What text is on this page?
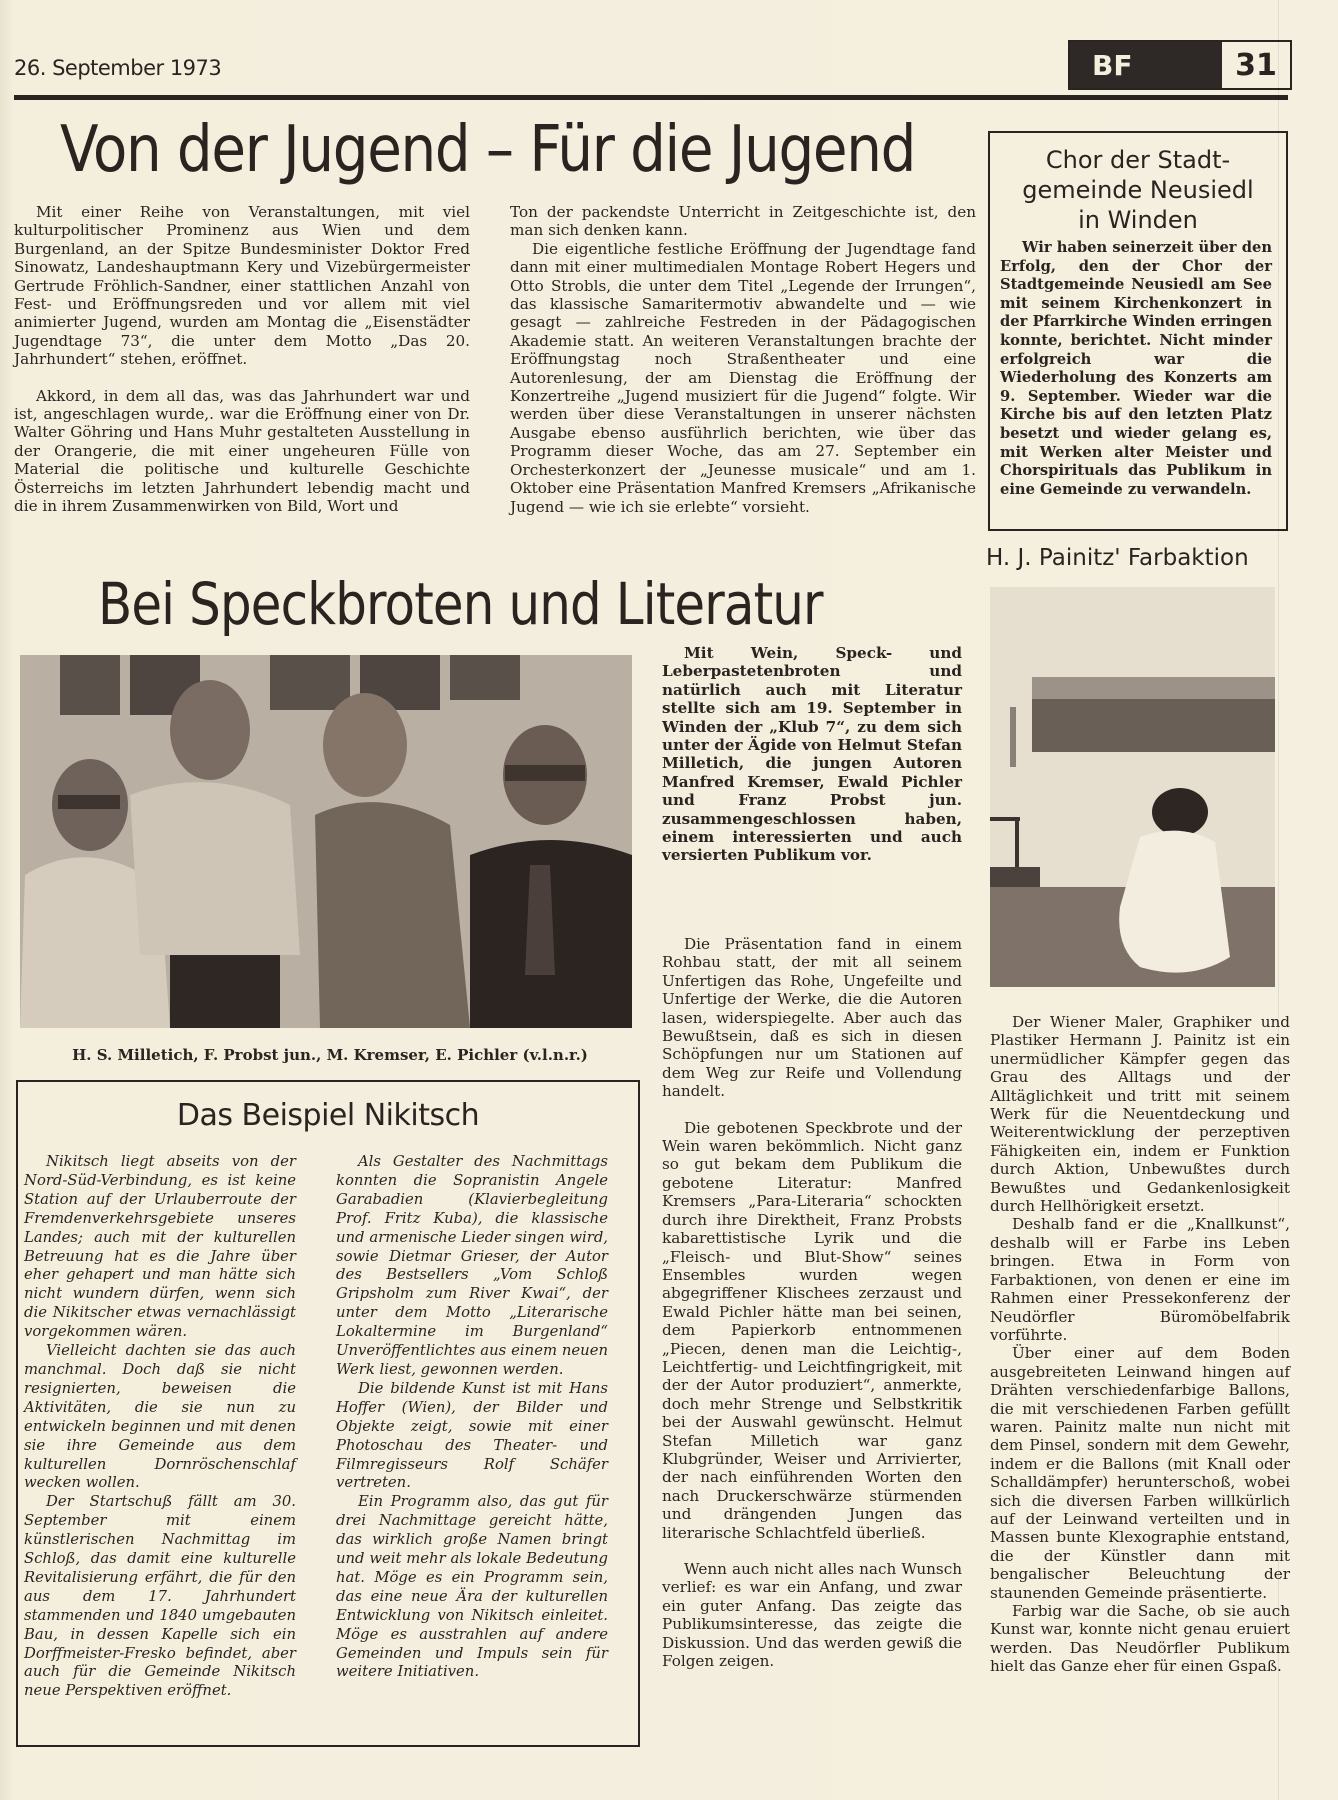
26. September 1973	BF	31
Von der Jugend – Für die Jugend

Mit einer Reihe von Veranstaltungen, mit viel kulturpolitischer Prominenz aus Wien und dem Burgenland, an der Spitze Bundesminister Doktor Fred Sinowatz, Landeshauptmann Kery und Vizebürgermeister Gertrude Fröhlich-Sandner, einer stattlichen Anzahl von Fest- und Eröffnungsreden und vor allem mit viel animierter Jugend, wurden am Montag die „Eisenstädter Jugendtage 73“, die unter dem Motto „Das 20. Jahrhundert“ stehen, eröffnet.

Akkord, in dem all das, was das Jahrhundert war und ist, angeschlagen wurde,. war die Eröffnung einer von Dr. Walter Göhring und Hans Muhr gestalteten Ausstellung in der Orangerie, die mit einer ungeheuren Fülle von Material die politische und kulturelle Geschichte Österreichs im letzten Jahrhundert lebendig macht und die in ihrem Zusammenwirken von Bild, Wort und

Ton der packendste Unterricht in Zeitgeschichte ist, den man sich denken kann.

Die eigentliche festliche Eröffnung der Jugendtage fand dann mit einer multimedialen Montage Robert Hegers und Otto Strobls, die unter dem Titel „Legende der Irrungen“, das klassische Samaritermotiv abwandelte und — wie gesagt — zahlreiche Festreden in der Pädagogischen Akademie statt. An weiteren Veranstaltungen brachte der Eröffnungstag noch Straßentheater und eine Autorenlesung, der am Dienstag die Eröffnung der Konzertreihe „Jugend musiziert für die Jugend“ folgte. Wir werden über diese Veranstaltungen in unserer nächsten Ausgabe ebenso ausführlich berichten, wie über das Programm dieser Woche, das am 27. September ein Orchesterkonzert der „Jeunesse musicale“ und am 1. Oktober eine Präsentation Manfred Kremsers „Afrikanische Jugend — wie ich sie erlebte“ vorsieht.

Chor der Stadt-
gemeinde Neusiedl
in Winden

Wir haben seinerzeit über den Erfolg, den der Chor der Stadtgemeinde Neusiedl am See mit seinem Kirchenkonzert in der Pfarrkirche Winden erringen konnte, berichtet. Nicht minder erfolgreich war die Wiederholung des Konzerts am 9. September. Wieder war die Kirche bis auf den letzten Platz besetzt und wieder gelang es, mit Werken alter Meister und Chorspirituals das Publikum in eine Gemeinde zu verwandeln.

H. J. Painitz' Farbaktion
Bei Speckbroten und Literatur
H. S. Milletich, F. Probst jun., M. Kremser, E. Pichler (v.l.n.r.)

Mit Wein, Speck- und Leberpastetenbroten und natürlich auch mit Literatur stellte sich am 19. September in Winden der „Klub 7“, zu dem sich unter der Ägide von Helmut Stefan Milletich, die jungen Autoren Manfred Kremser, Ewald Pichler und Franz Probst jun. zusammengeschlossen haben, einem interessierten und auch versierten Publikum vor.

Die Präsentation fand in einem Rohbau statt, der mit all seinem Unfertigen das Rohe, Ungefeilte und Unfertige der Werke, die die Autoren lasen, widerspiegelte. Aber auch das Bewußtsein, daß es sich in diesen Schöpfungen nur um Stationen auf dem Weg zur Reife und Vollendung handelt.

Die gebotenen Speckbrote und der Wein waren bekömmlich. Nicht ganz so gut bekam dem Publikum die gebotene Literatur: Manfred Kremsers „Para-Literaria“ schockten durch ihre Direktheit, Franz Probsts kabarettistische Lyrik und die „Fleisch- und Blut-Show“ seines Ensembles wurden wegen abgegriffener Klischees zerzaust und Ewald Pichler hätte man bei seinen, dem Papierkorb entnommenen „Piecen, denen man die Leichtig-, Leichtfertig- und Leichtfingrigkeit, mit der der Autor produziert“, anmerkte, doch mehr Strenge und Selbstkritik bei der Auswahl gewünscht. Helmut Stefan Milletich war ganz Klubgründer, Weiser und Arrivierter, der nach einführenden Worten den nach Druckerschwärze stürmenden und drängenden Jungen das literarische Schlachtfeld überließ.

Wenn auch nicht alles nach Wunsch verlief: es war ein Anfang, und zwar ein guter Anfang. Das zeigte das Publikumsinteresse, das zeigte die Diskussion. Und das werden gewiß die Folgen zeigen.

Der Wiener Maler, Graphiker und Plastiker Hermann J. Painitz ist ein unermüdlicher Kämpfer gegen das Grau des Alltags und der Alltäglichkeit und tritt mit seinem Werk für die Neuentdeckung und Weiterentwicklung der perzeptiven Fähigkeiten ein, indem er Funktion durch Aktion, Unbewußtes durch Bewußtes und Gedankenlosigkeit durch Hellhörigkeit ersetzt.

Deshalb fand er die „Knallkunst“, deshalb will er Farbe ins Leben bringen. Etwa in Form von Farbaktionen, von denen er eine im Rahmen einer Pressekonferenz der Neudörfler Büromöbelfabrik vorführte.

Über einer auf dem Boden ausgebreiteten Leinwand hingen auf Drähten verschiedenfarbige Ballons, die mit verschiedenen Farben gefüllt waren. Painitz malte nun nicht mit dem Pinsel, sondern mit dem Gewehr, indem er die Ballons (mit Knall oder Schalldämpfer) herunterschoß, wobei sich die diversen Farben willkürlich auf der Leinwand verteilten und in Massen bunte Klexographie entstand, die der Künstler dann mit bengalischer Beleuchtung der staunenden Gemeinde präsentierte.

Farbig war die Sache, ob sie auch Kunst war, konnte nicht genau eruiert werden. Das Neudörfler Publikum hielt das Ganze eher für einen Gspaß.

Das Beispiel Nikitsch

Nikitsch liegt abseits von der Nord-Süd-Verbindung, es ist keine Station auf der Urlauberroute der Fremdenverkehrsgebiete unseres Landes; auch mit der kulturellen Betreuung hat es die Jahre über eher gehapert und man hätte sich nicht wundern dürfen, wenn sich die Nikitscher etwas vernachlässigt vorgekommen wären.

Vielleicht dachten sie das auch manchmal. Doch daß sie nicht resignierten, beweisen die Aktivitäten, die sie nun zu entwickeln beginnen und mit denen sie ihre Gemeinde aus dem kulturellen Dornröschenschlaf wecken wollen.

Der Startschuß fällt am 30. September mit einem künstlerischen Nachmittag im Schloß, das damit eine kulturelle Revitalisierung erfährt, die für den aus dem 17. Jahrhundert stammenden und 1840 umgebauten Bau, in dessen Kapelle sich ein Dorffmeister-Fresko befindet, aber auch für die Gemeinde Nikitsch neue Perspektiven eröffnet.

Als Gestalter des Nachmittags konnten die Sopranistin Angele Garabadien (Klavierbegleitung Prof. Fritz Kuba), die klassische und armenische Lieder singen wird, sowie Dietmar Grieser, der Autor des Bestsellers „Vom Schloß Gripsholm zum River Kwai“, der unter dem Motto „Literarische Lokaltermine im Burgenland“ Unveröffentlichtes aus einem neuen Werk liest, gewonnen werden.

Die bildende Kunst ist mit Hans Hoffer (Wien), der Bilder und Objekte zeigt, sowie mit einer Photoschau des Theater- und Filmregisseurs Rolf Schäfer vertreten.

Ein Programm also, das gut für drei Nachmittage gereicht hätte, das wirklich große Namen bringt und weit mehr als lokale Bedeutung hat. Möge es ein Programm sein, das eine neue Ära der kulturellen Entwicklung von Nikitsch einleitet. Möge es ausstrahlen auf andere Gemeinden und Impuls sein für weitere Initiativen.
